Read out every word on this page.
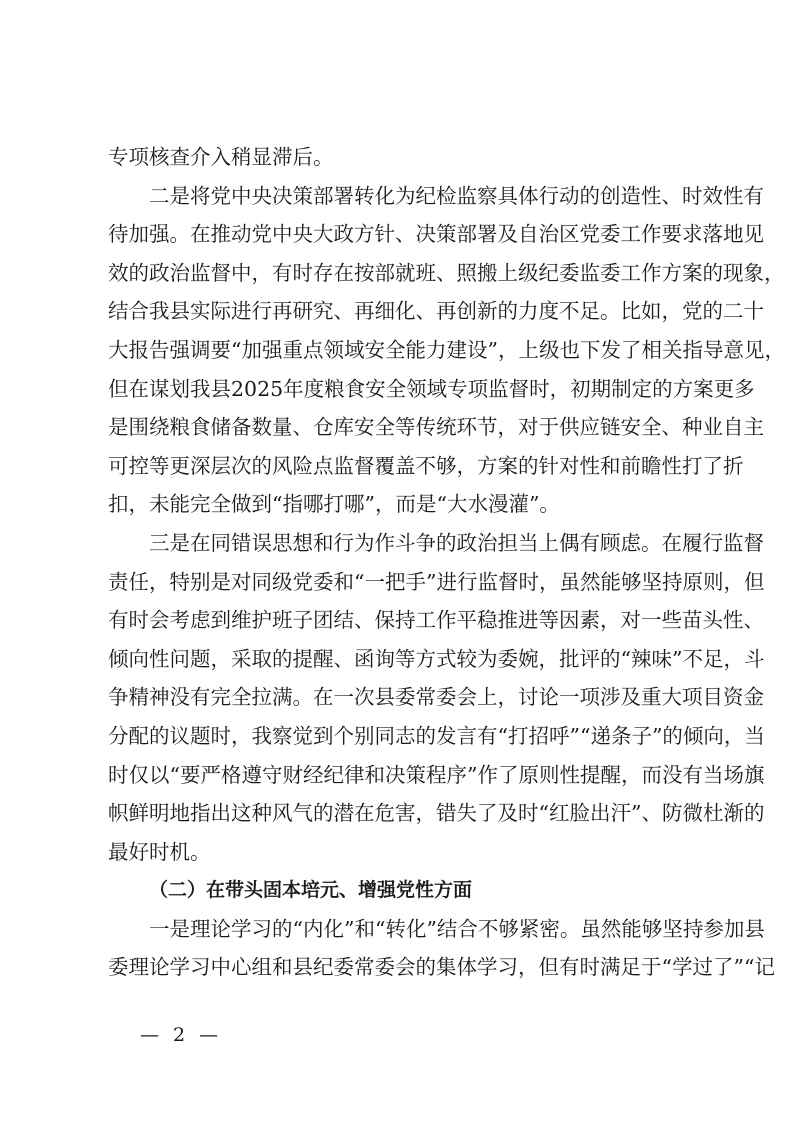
专项核查介入稍显滞后。
二是将党中央决策部署转化为纪检监察具体行动的创造性、时效性有
待加强。在推动党中央大政方针、决策部署及自治区党委工作要求落地见
效的政治监督中，有时存在按部就班、照搬上级纪委监委工作方案的现象，
结合我县实际进行再研究、再细化、再创新的力度不足。比如，党的二十
大报告强调要“加强重点领域安全能力建设”，上级也下发了相关指导意见，
但在谋划我县2025年度粮食安全领域专项监督时，初期制定的方案更多
是围绕粮食储备数量、仓库安全等传统环节，对于供应链安全、种业自主
可控等更深层次的风险点监督覆盖不够，方案的针对性和前瞻性打了折
扣，未能完全做到“指哪打哪”，而是“大水漫灌”。
三是在同错误思想和行为作斗争的政治担当上偶有顾虑。在履行监督
责任，特别是对同级党委和“一把手”进行监督时，虽然能够坚持原则，但
有时会考虑到维护班子团结、保持工作平稳推进等因素，对一些苗头性、
倾向性问题，采取的提醒、函询等方式较为委婉，批评的“辣味”不足，斗
争精神没有完全拉满。在一次县委常委会上，讨论一项涉及重大项目资金
分配的议题时，我察觉到个别同志的发言有“打招呼”“递条子”的倾向，当
时仅以“要严格遵守财经纪律和决策程序”作了原则性提醒，而没有当场旗
帜鲜明地指出这种风气的潜在危害，错失了及时“红脸出汗”、防微杜渐的
最好时机。
（二）在带头固本培元、增强党性方面
一是理论学习的“内化”和“转化”结合不够紧密。虽然能够坚持参加县
委理论学习中心组和县纪委常委会的集体学习，但有时满足于“学过了”“记
— 2 —
